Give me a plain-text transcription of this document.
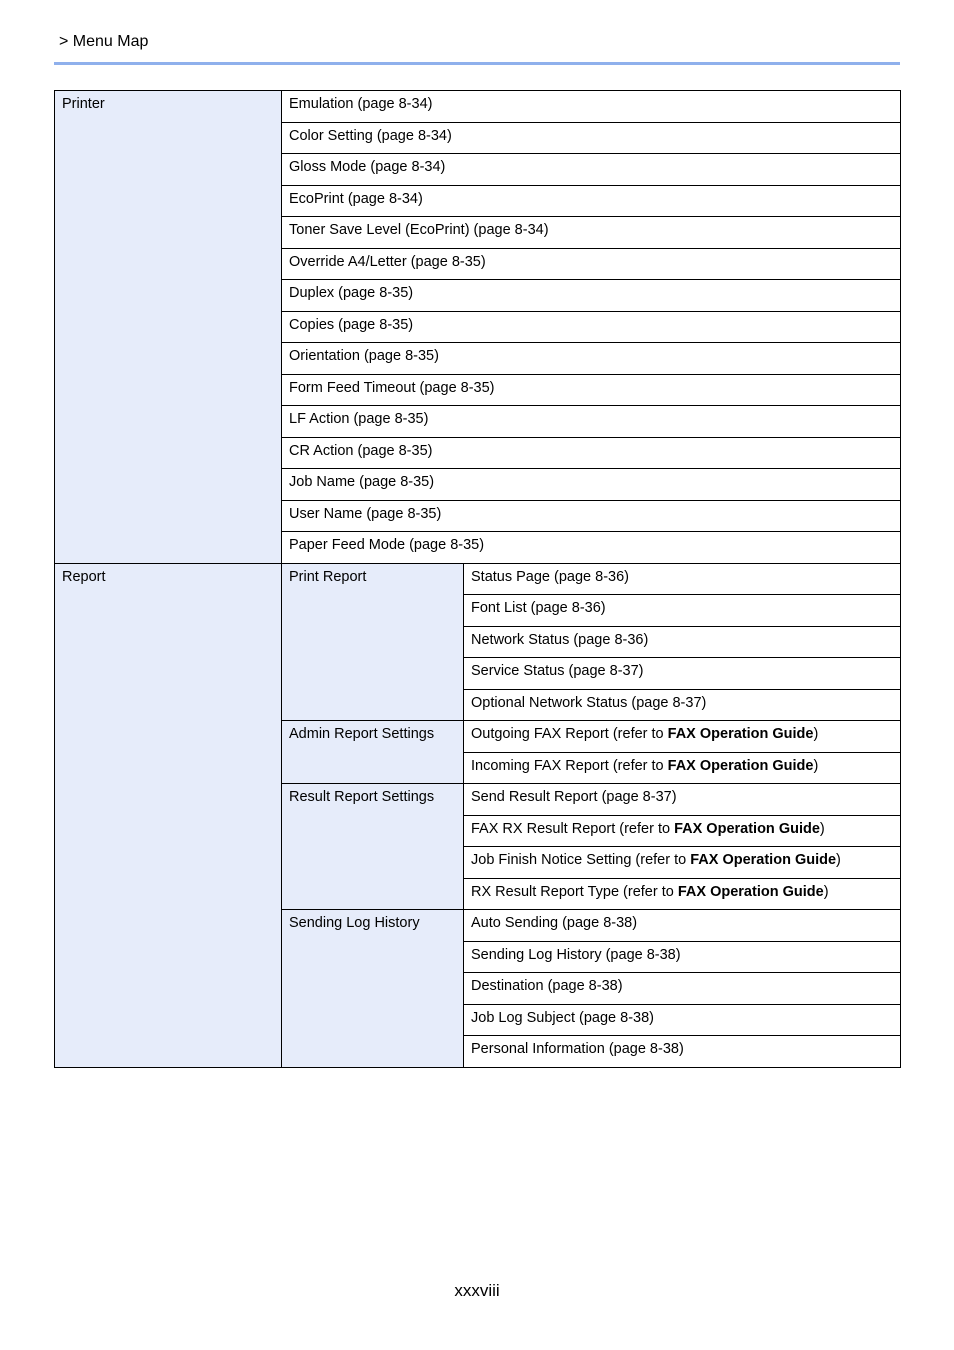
> Menu Map
Printer	Emulation (page 8-34)	
	Color Setting (page 8-34)	
	Gloss Mode (page 8-34)	
	EcoPrint (page 8-34)	
	Toner Save Level (EcoPrint) (page 8-34)	
	Override A4/Letter (page 8-35)	
	Duplex (page 8-35)	
	Copies (page 8-35)	
	Orientation (page 8-35)	
	Form Feed Timeout (page 8-35)	
	LF Action (page 8-35)	
	CR Action (page 8-35)	
	Job Name (page 8-35)	
	User Name (page 8-35)	
	Paper Feed Mode (page 8-35)	
Report	Print Report	Status Page (page 8-36)
		Font List (page 8-36)
		Network Status (page 8-36)
		Service Status (page 8-37)
		Optional Network Status (page 8-37)
	Admin Report Settings	Outgoing FAX Report (refer to FAX Operation Guide)
		Incoming FAX Report (refer to FAX Operation Guide)
	Result Report Settings	Send Result Report (page 8-37)
		FAX RX Result Report (refer to FAX Operation Guide)
		Job Finish Notice Setting (refer to FAX Operation Guide)
		RX Result Report Type (refer to FAX Operation Guide)
	Sending Log History	Auto Sending (page 8-38)
		Sending Log History (page 8-38)
		Destination (page 8-38)
		Job Log Subject (page 8-38)
		Personal Information (page 8-38)
xxxviii
